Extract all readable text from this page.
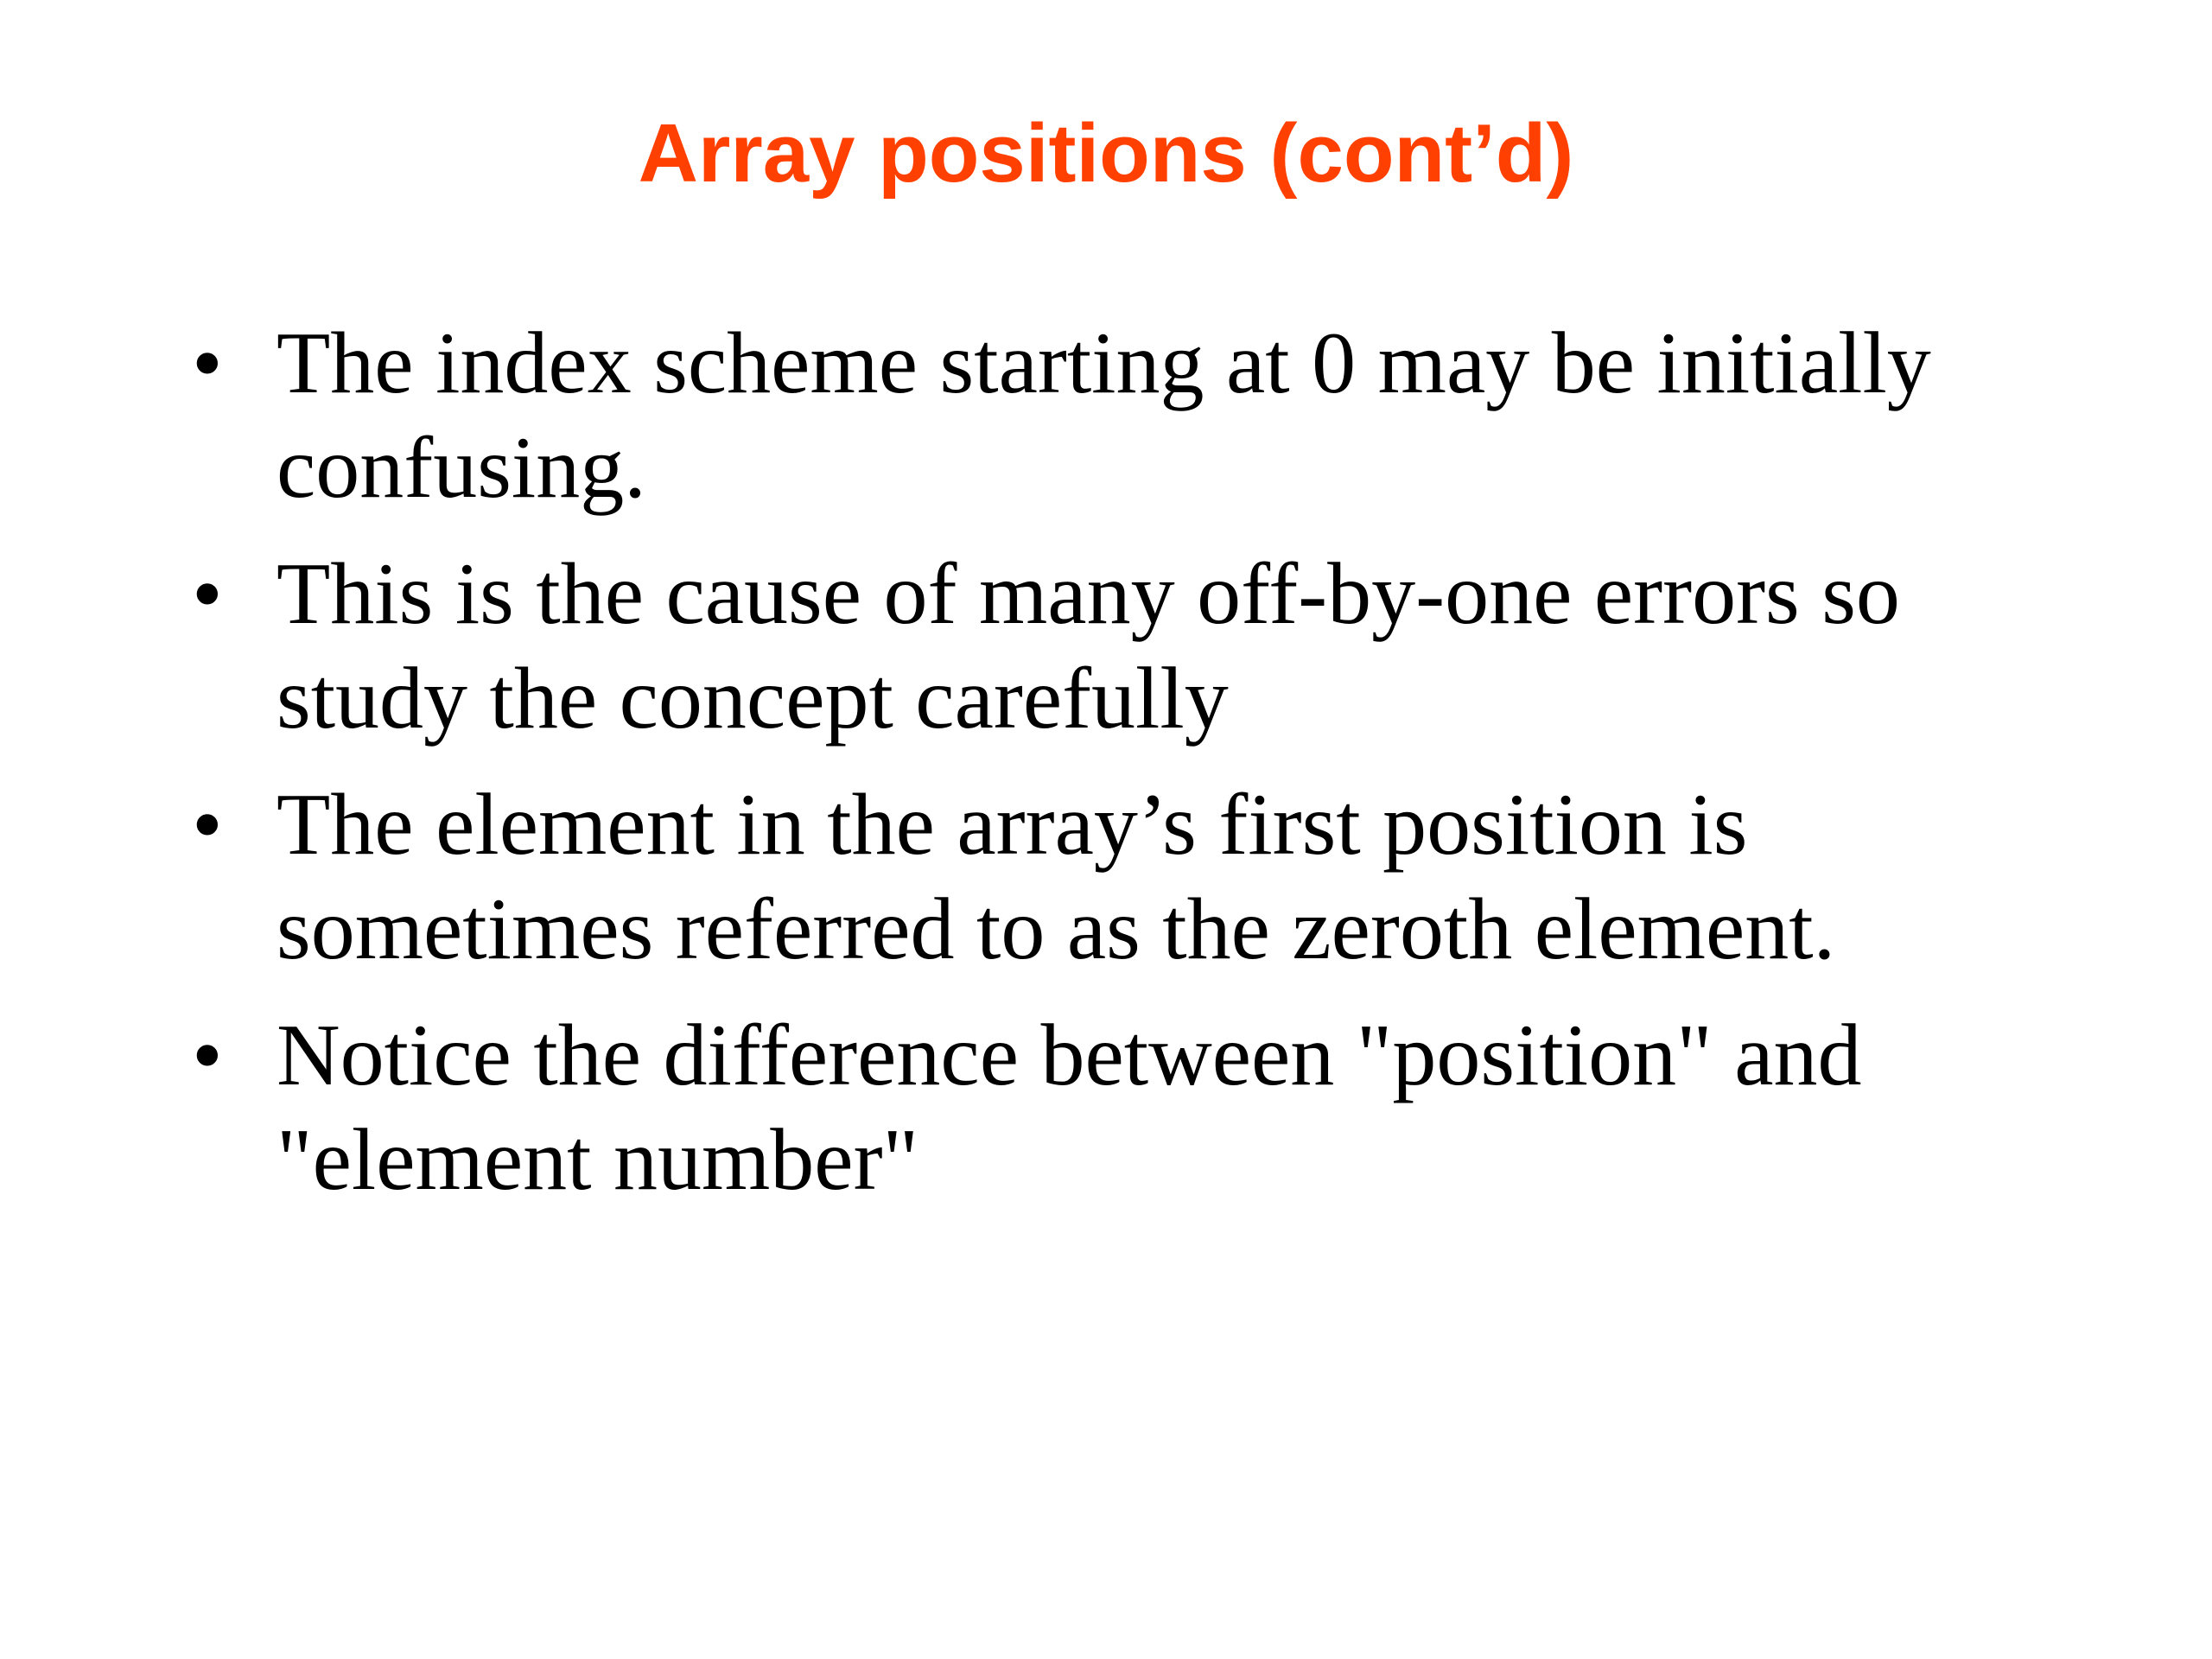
Array positions (cont’d)
• The index scheme starting at 0 may be initially confusing.
• This is the cause of many off-by-one errors so study the concept carefully
• The element in the array’s first position is sometimes referred to as the zeroth element.
• Notice the difference between "position" and "element number"
